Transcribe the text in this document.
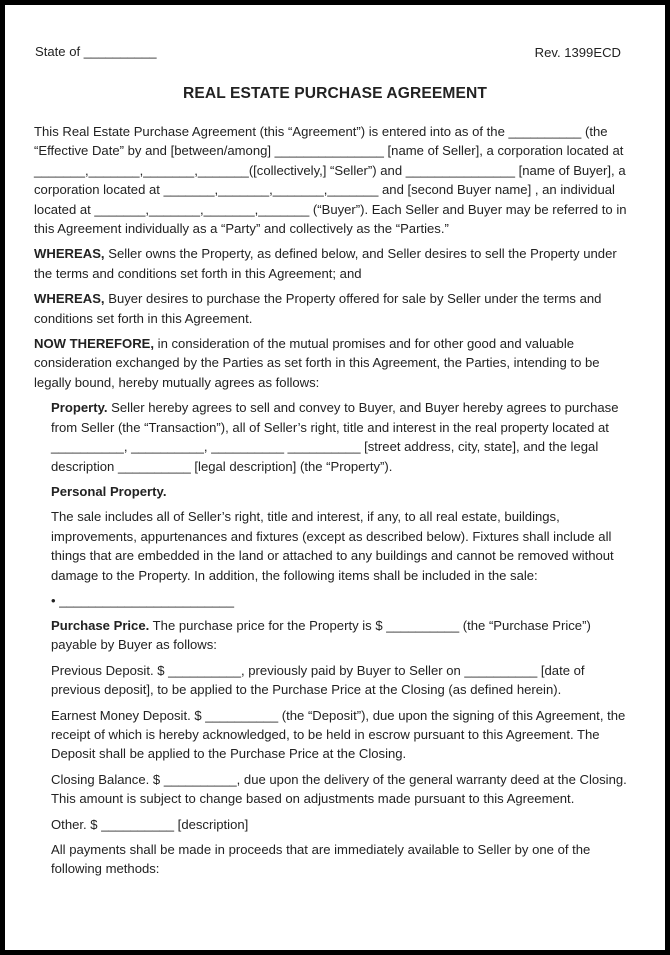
State of __________	Rev. 1399ECD
REAL ESTATE PURCHASE AGREEMENT

This Real Estate Purchase Agreement (this “Agreement”) is entered into as of the __________ (the “Effective Date” by and [between/among] _______________ [name of Seller], a corporation located at _______,_______,_______,_______([collectively,] “Seller”) and _______________ [name of Buyer], a corporation located at _______,_______,_______,_______ and [second Buyer name] , an individual located at _______,_______,_______,_______ (“Buyer”). Each Seller and Buyer may be referred to in this Agreement individually as a “Party” and collectively as the “Parties.”

WHEREAS, Seller owns the Property, as defined below, and Seller desires to sell the Property under the terms and conditions set forth in this Agreement; and

WHEREAS, Buyer desires to purchase the Property offered for sale by Seller under the terms and conditions set forth in this Agreement.

NOW THEREFORE, in consideration of the mutual promises and for other good and valuable consideration exchanged by the Parties as set forth in this Agreement, the Parties, intending to be legally bound, hereby mutually agrees as follows:

Property. Seller hereby agrees to sell and convey to Buyer, and Buyer hereby agrees to purchase from Seller (the “Transaction”), all of Seller’s right, title and interest in the real property located at __________, __________, __________ __________ [street address, city, state], and the legal description __________ [legal description] (the “Property”).

Personal Property.

The sale includes all of Seller’s right, title and interest, if any, to all real estate, buildings, improvements, appurtenances and fixtures (except as described below). Fixtures shall include all things that are embedded in the land or attached to any buildings and cannot be removed without damage to the Property. In addition, the following items shall be included in the sale:

• ________________________

Purchase Price. The purchase price for the Property is $ __________ (the “Purchase Price”) payable by Buyer as follows:

Previous Deposit. $ __________, previously paid by Buyer to Seller on __________ [date of previous deposit], to be applied to the Purchase Price at the Closing (as defined herein).

Earnest Money Deposit. $ __________ (the “Deposit”), due upon the signing of this Agreement, the receipt of which is hereby acknowledged, to be held in escrow pursuant to this Agreement. The Deposit shall be applied to the Purchase Price at the Closing.

Closing Balance. $ __________, due upon the delivery of the general warranty deed at the Closing. This amount is subject to change based on adjustments made pursuant to this Agreement.

Other. $ __________ [description]

All payments shall be made in proceeds that are immediately available to Seller by one of the following methods:
